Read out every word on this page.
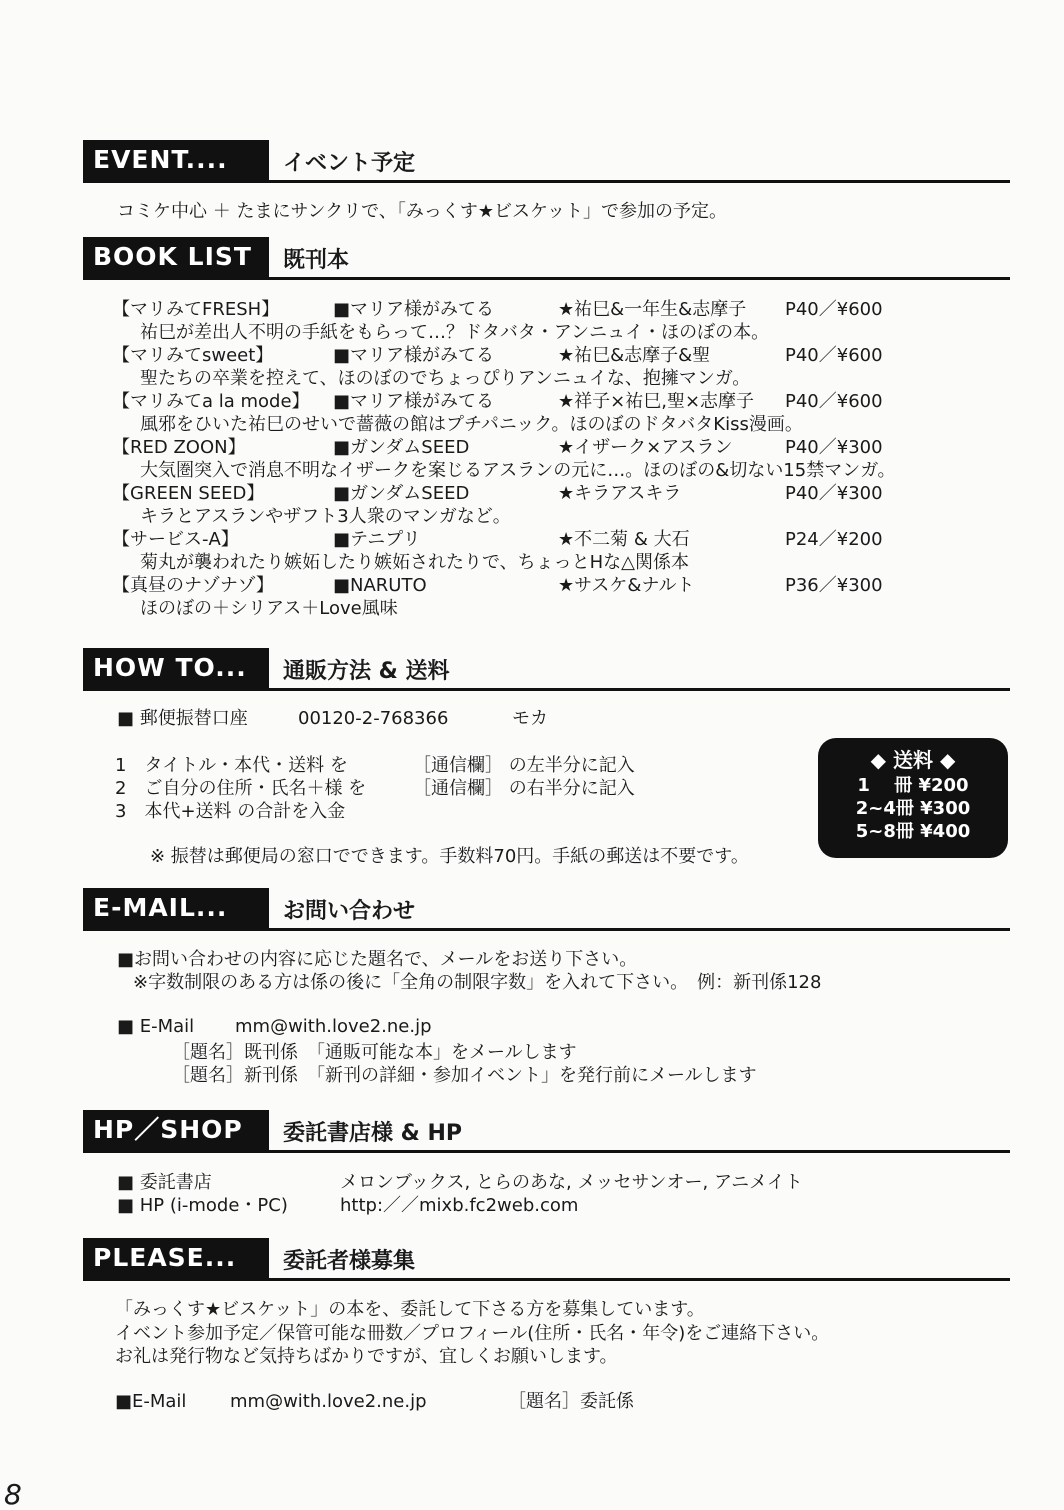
EVENT....	イベント予定
コミケ中心 ＋ たまにサンクリで、「みっくす★ビスケット」で参加の予定。
BOOK LIST	既刊本
【マリみてFRESH】	■マリア様がみてる	★祐巳&一年生&志摩子 P40／¥600
祐巳が差出人不明の手紙をもらって…？ドタバタ・アンニュイ・ほのぼの本。
【マリみてsweet】	■マリア様がみてる	★祐巳&志摩子&聖	P40／¥600
聖たちの卒業を控えて、ほのぼのでちょっぴりアンニュイな、抱擁マンガ。
【マリみてa la mode】 ■マリア様がみてる	★祥子×祐巳,聖×志摩子 P40／¥600
風邪をひいた祐巳のせいで薔薇の館はプチパニック。ほのぼのドタバタKiss漫画。
【RED ZOON】	■ガンダムSEED	★イザーク×アスラン	P40／¥300
大気圏突入で消息不明なイザークを案じるアスランの元に…。ほのぼの&切ない15禁マンガ。
【GREEN SEED】	■ガンダムSEED	★キラアスキラ	P40／¥300
キラとアスランやザフト3人衆のマンガなど。
【サービス-A】	■テニプリ	★不二菊 & 大石	P24／¥200
菊丸が襲われたり嫉妬したり嫉妬されたりで、ちょっとHな△関係本
【真昼のナゾナゾ】	■NARUTO	★サスケ&ナルト	P36／¥300
ほのぼの＋シリアス＋Love風味
HOW TO...	通販方法 & 送料
■ 郵便振替口座	00120-2-768366	モカ
1　 タイトル・本代・送料 を	［通信欄］ の左半分に記入
2　 ご自分の住所・氏名＋様 を	［通信欄］ の右半分に記入
3　 本代+送料 の合計を入金
※ 振替は郵便局の窓口でできます。手数料70円。手紙の郵送は不要です。
◆ 送料 ◆
1　 冊 ¥200
2~4冊 ¥300
5~8冊 ¥400
E-MAIL...	お問い合わせ
■お問い合わせの内容に応じた題名で、メールをお送り下さい。
※字数制限のある方は係の後に「全角の制限字数」を入れて下さい。　例：新刊係128
■ E-Mail mm@with.love2.ne.jp
［題名］既刊係　「通販可能な本」をメールします
［題名］新刊係　「新刊の詳細・参加イベント」を発行前にメールします
HP／SHOP	委託書店様 & HP
■ 委託書店	メロンブックス, とらのあな, メッセサンオー, アニメイト
■ HP (i-mode・PC)	http:／／mixb.fc2web.com
PLEASE...	委託者様募集
「みっくす★ビスケット」の本を、委託して下さる方を募集しています。
イベント参加予定／保管可能な冊数／プロフィール(住所・氏名・年令)をご連絡下さい。
お礼は発行物など気持ちばかりですが、宜しくお願いします。
■E-Mail mm@with.love2.ne.jp	［題名］委託係
8
